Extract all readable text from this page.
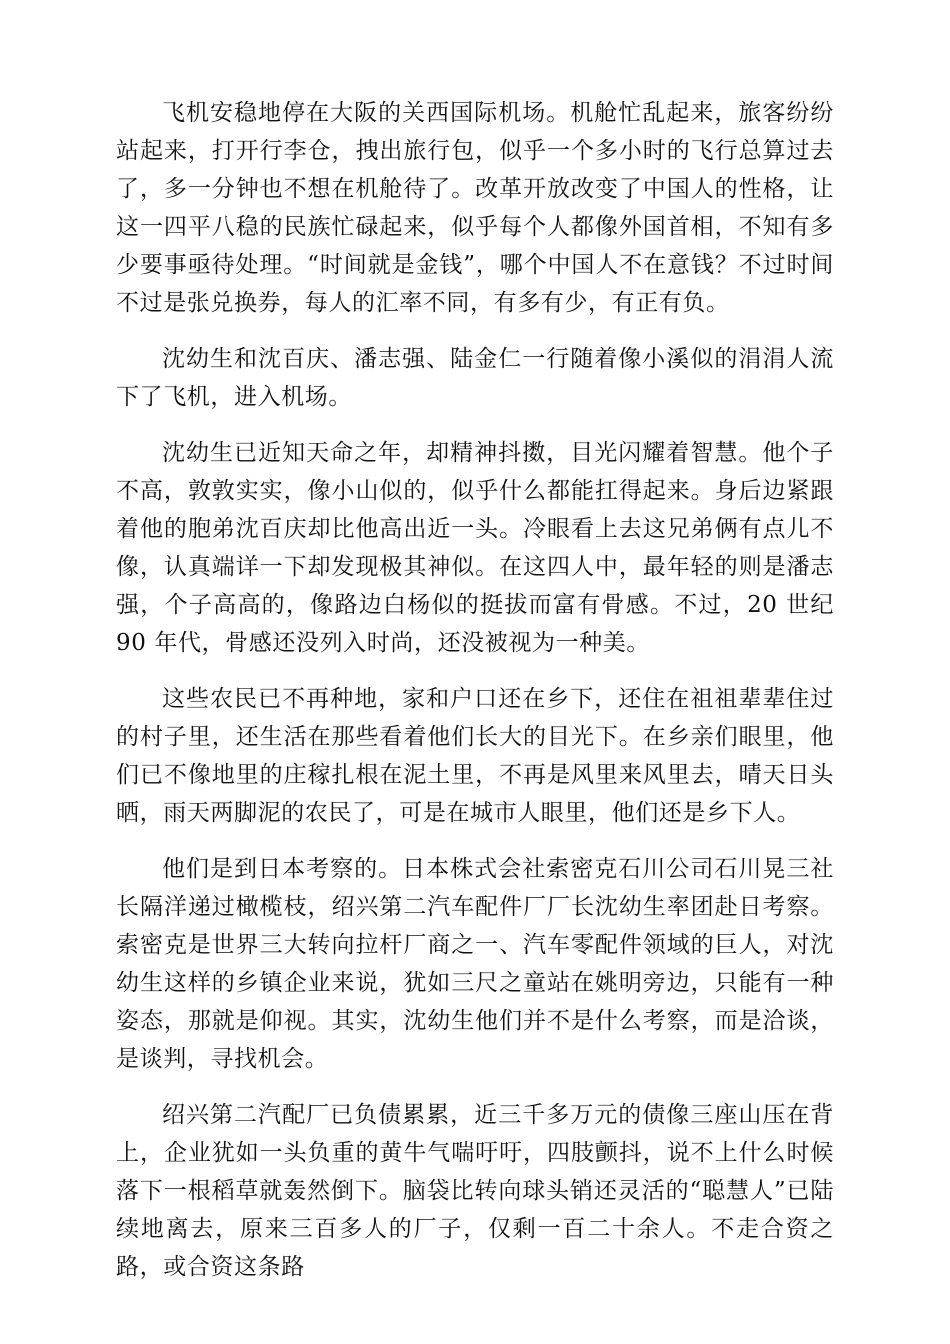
飞机安稳地停在大阪的关西国际机场。机舱忙乱起来，旅客纷纷站起来，打开行李仓，拽出旅行包，似乎一个多小时的飞行总算过去了，多一分钟也不想在机舱待了。改革开放改变了中国人的性格，让这一四平八稳的民族忙碌起来，似乎每个人都像外国首相，不知有多少要事亟待处理。“时间就是金钱”，哪个中国人不在意钱？不过时间不过是张兑换券，每人的汇率不同，有多有少，有正有负。

沈幼生和沈百庆、潘志强、陆金仁一行随着像小溪似的涓涓人流下了飞机，进入机场。

沈幼生已近知天命之年，却精神抖擞，目光闪耀着智慧。他个子不高，敦敦实实，像小山似的，似乎什么都能扛得起来。身后边紧跟着他的胞弟沈百庆却比他高出近一头。冷眼看上去这兄弟俩有点儿不像，认真端详一下却发现极其神似。在这四人中，最年轻的则是潘志强，个子高高的，像路边白杨似的挺拔而富有骨感。不过，20 世纪 90 年代，骨感还没列入时尚，还没被视为一种美。

这些农民已不再种地，家和户口还在乡下，还住在祖祖辈辈住过的村子里，还生活在那些看着他们长大的目光下。在乡亲们眼里，他们已不像地里的庄稼扎根在泥土里，不再是风里来风里去，晴天日头晒，雨天两脚泥的农民了，可是在城市人眼里，他们还是乡下人。

他们是到日本考察的。日本株式会社索密克石川公司石川晃三社长隔洋递过橄榄枝，绍兴第二汽车配件厂厂长沈幼生率团赴日考察。索密克是世界三大转向拉杆厂商之一、汽车零配件领域的巨人，对沈幼生这样的乡镇企业来说，犹如三尺之童站在姚明旁边，只能有一种姿态，那就是仰视。其实，沈幼生他们并不是什么考察，而是洽谈，是谈判，寻找机会。

绍兴第二汽配厂已负债累累，近三千多万元的债像三座山压在背上，企业犹如一头负重的黄牛气喘吁吁，四肢颤抖，说不上什么时候落下一根稻草就轰然倒下。脑袋比转向球头销还灵活的“聪慧人”已陆续地离去，原来三百多人的厂子，仅剩一百二十余人。不走合资之路，或合资这条路
